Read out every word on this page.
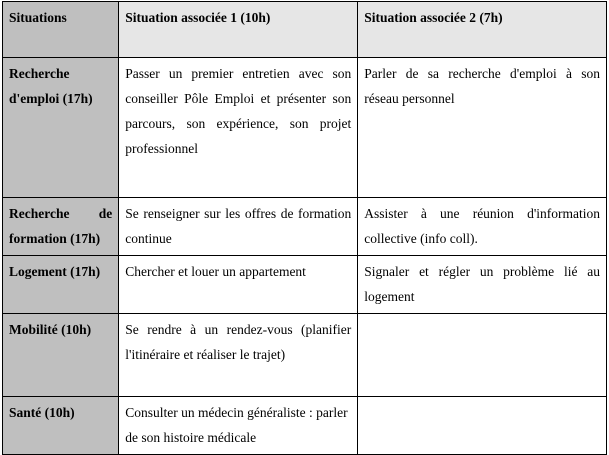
Situations	Situation associée 1 (10h)	Situation associée 2 (7h)
Recherche d'emploi (17h)	Passer un premier entretien avec son conseiller Pôle Emploi et présenter son parcours, son expérience, son projet professionnel	Parler de sa recherche d'emploi à son réseau personnel
Recherche de formation (17h)	Se renseigner sur les offres de formation continue	Assister à une réunion d'information collective (info coll).
Logement (17h)	Chercher et louer un appartement	Signaler et régler un problème lié au logement
Mobilité (10h)	Se rendre à un rendez-vous (planifier l'itinéraire et réaliser le trajet)	
Santé (10h)	Consulter un médecin généraliste : parler de son histoire médicale	
